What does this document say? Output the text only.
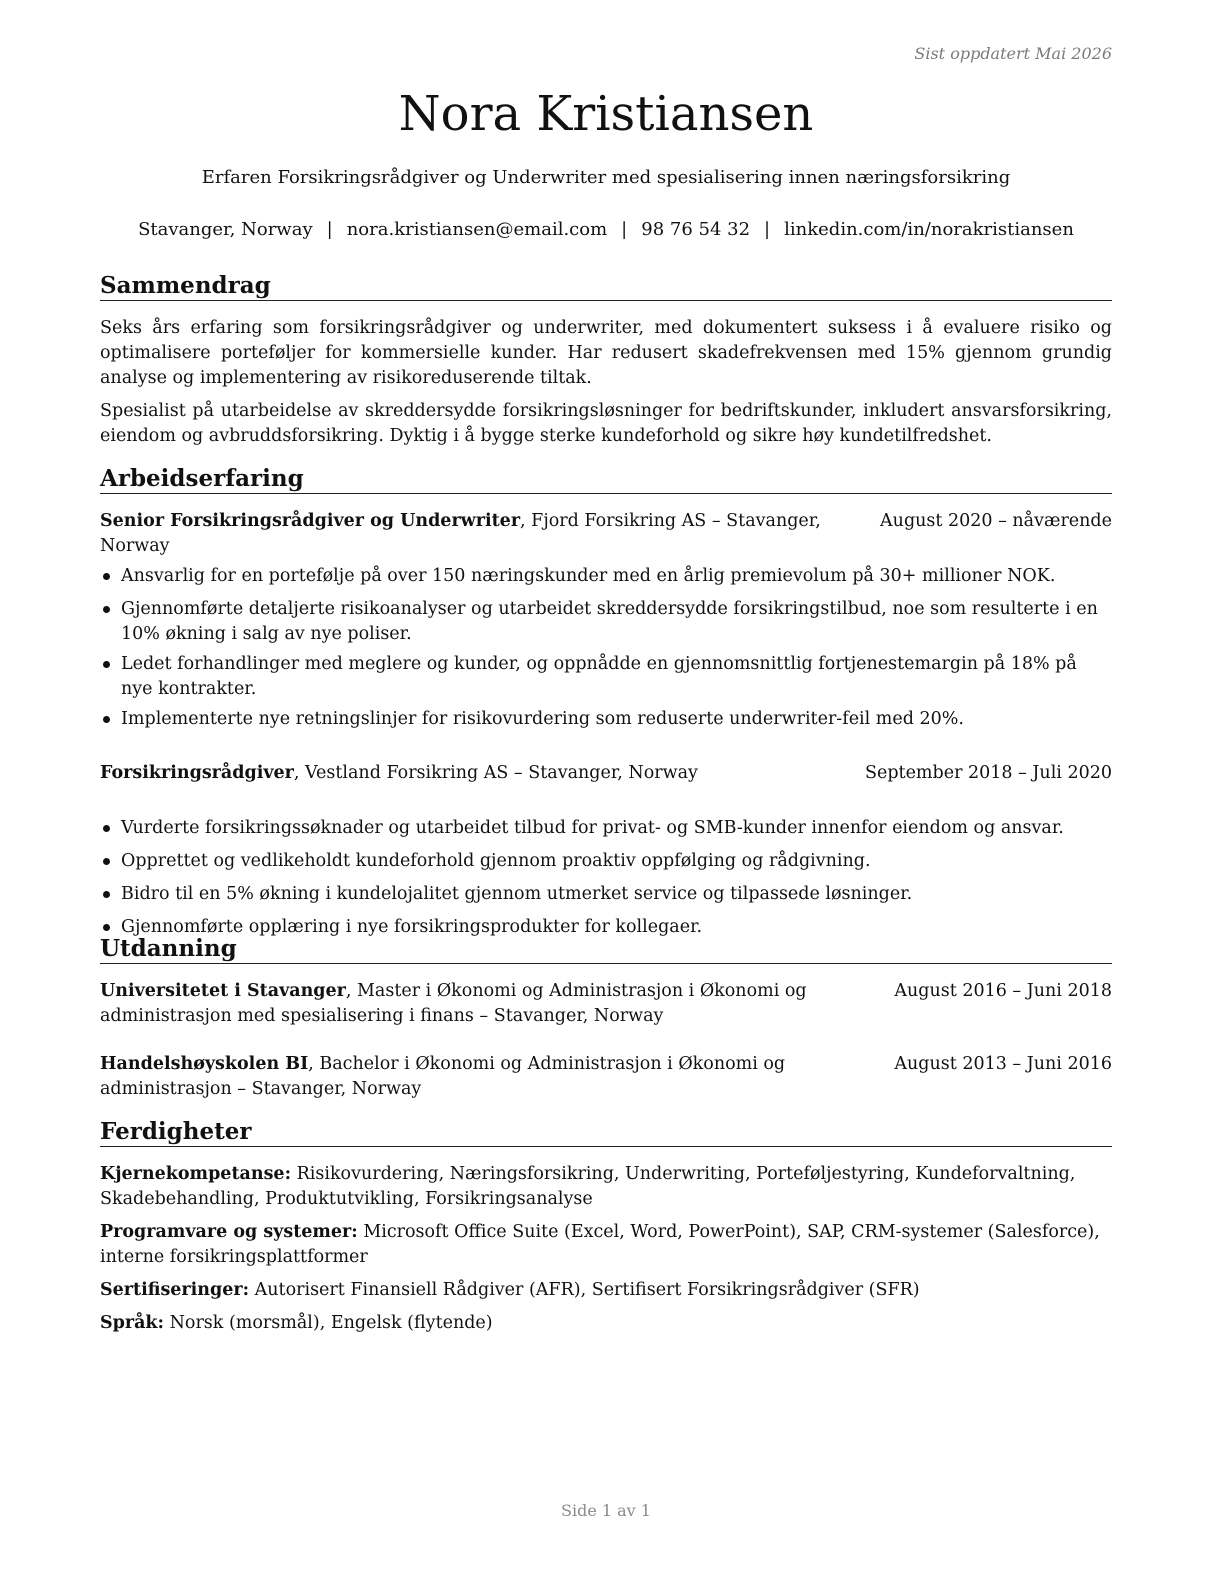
Sist oppdatert Mai 2026
Nora Kristiansen
Erfaren Forsikringsrådgiver og Underwriter med spesialisering innen næringsforsikring
Stavanger, Norway | nora.kristiansen@email.com | 98 76 54 32 | linkedin.com/in/norakristiansen
Sammendrag

Seks års erfaring som forsikringsrådgiver og underwriter, med dokumentert suksess i å evaluere risiko og optimalisere porteføljer for kommersielle kunder. Har redusert skadefrekvensen med 15% gjennom grundig analyse og implementering av risikoreduserende tiltak.

Spesialist på utarbeidelse av skreddersydde forsikringsløsninger for bedriftskunder, inkludert ansvarsforsikring, eiendom og avbruddsforsikring. Dyktig i å bygge sterke kundeforhold og sikre høy kundetilfredshet.

Arbeidserfaring
Senior Forsikringsrådgiver og Underwriter, Fjord Forsikring AS – Stavanger, Norway
August 2020 – nåværende
Ansvarlig for en portefølje på over 150 næringskunder med en årlig premievolum på 30+ millioner NOK.
Gjennomførte detaljerte risikoanalyser og utarbeidet skreddersydde forsikringstilbud, noe som resulterte i en 10% økning i salg av nye poliser.
Ledet forhandlinger med meglere og kunder, og oppnådde en gjennomsnittlig fortjenestemargin på 18% på nye kontrakter.
Implementerte nye retningslinjer for risikovurdering som reduserte underwriter-feil med 20%.
Forsikringsrådgiver, Vestland Forsikring AS – Stavanger, Norway	September 2018 – Juli 2020
Vurderte forsikringssøknader og utarbeidet tilbud for privat- og SMB-kunder innenfor eiendom og ansvar.
Opprettet og vedlikeholdt kundeforhold gjennom proaktiv oppfølging og rådgivning.
Bidro til en 5% økning i kundelojalitet gjennom utmerket service og tilpassede løsninger.
Gjennomførte opplæring i nye forsikringsprodukter for kollegaer.
Utdanning
Universitetet i Stavanger, Master i Økonomi og Administrasjon i Økonomi og administrasjon med spesialisering i finans – Stavanger, Norway
August 2016 – Juni 2018
Handelshøyskolen BI, Bachelor i Økonomi og Administrasjon i Økonomi og administrasjon – Stavanger, Norway
August 2013 – Juni 2016
Ferdigheter
Kjernekompetanse: Risikovurdering, Næringsforsikring, Underwriting, Porteføljestyring, Kundeforvaltning, Skadebehandling, Produktutvikling, Forsikringsanalyse
Programvare og systemer: Microsoft Office Suite (Excel, Word, PowerPoint), SAP, CRM-systemer (Salesforce), interne forsikringsplattformer
Sertifiseringer: Autorisert Finansiell Rådgiver (AFR), Sertifisert Forsikringsrådgiver (SFR)
Språk: Norsk (morsmål), Engelsk (flytende)
Side 1 av 1
